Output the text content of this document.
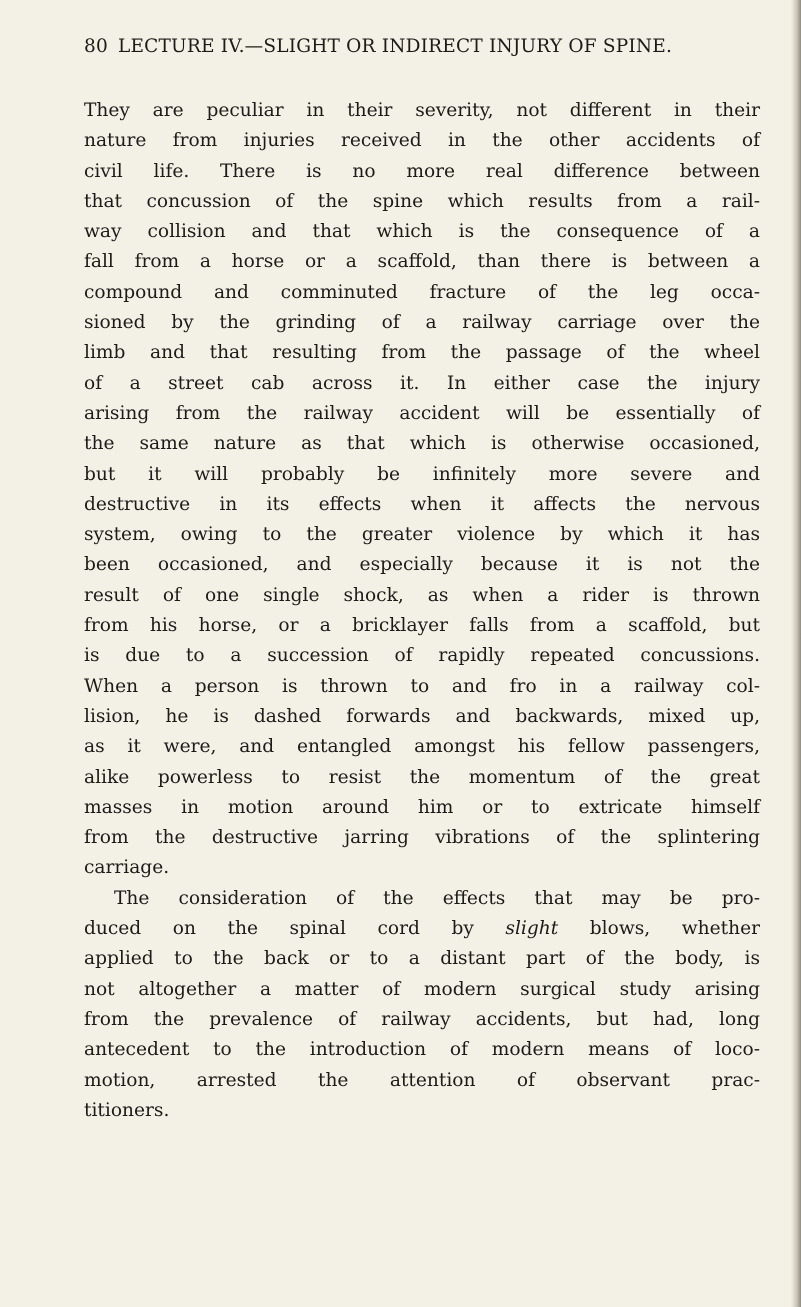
80 LECTURE IV.—SLIGHT OR INDIRECT INJURY OF SPINE.
They are peculiar in their severity, not different in their
nature from injuries received in the other accidents of
civil life. There is no more real difference between
that concussion of the spine which results from a rail-
way collision and that which is the consequence of a
fall from a horse or a scaffold, than there is between a
compound and comminuted fracture of the leg occa-
sioned by the grinding of a railway carriage over the
limb and that resulting from the passage of the wheel
of a street cab across it. In either case the injury
arising from the railway accident will be essentially of
the same nature as that which is otherwise occasioned,
but it will probably be infinitely more severe and
destructive in its effects when it affects the nervous
system, owing to the greater violence by which it has
been occasioned, and especially because it is not the
result of one single shock, as when a rider is thrown
from his horse, or a bricklayer falls from a scaffold, but
is due to a succession of rapidly repeated concussions.
When a person is thrown to and fro in a railway col-
lision, he is dashed forwards and backwards, mixed up,
as it were, and entangled amongst his fellow passengers,
alike powerless to resist the momentum of the great
masses in motion around him or to extricate himself
from the destructive jarring vibrations of the splintering
carriage.
The consideration of the effects that may be pro-
duced on the spinal cord by slight blows, whether
applied to the back or to a distant part of the body, is
not altogether a matter of modern surgical study arising
from the prevalence of railway accidents, but had, long
antecedent to the introduction of modern means of loco-
motion, arrested the attention of observant prac-
titioners.
